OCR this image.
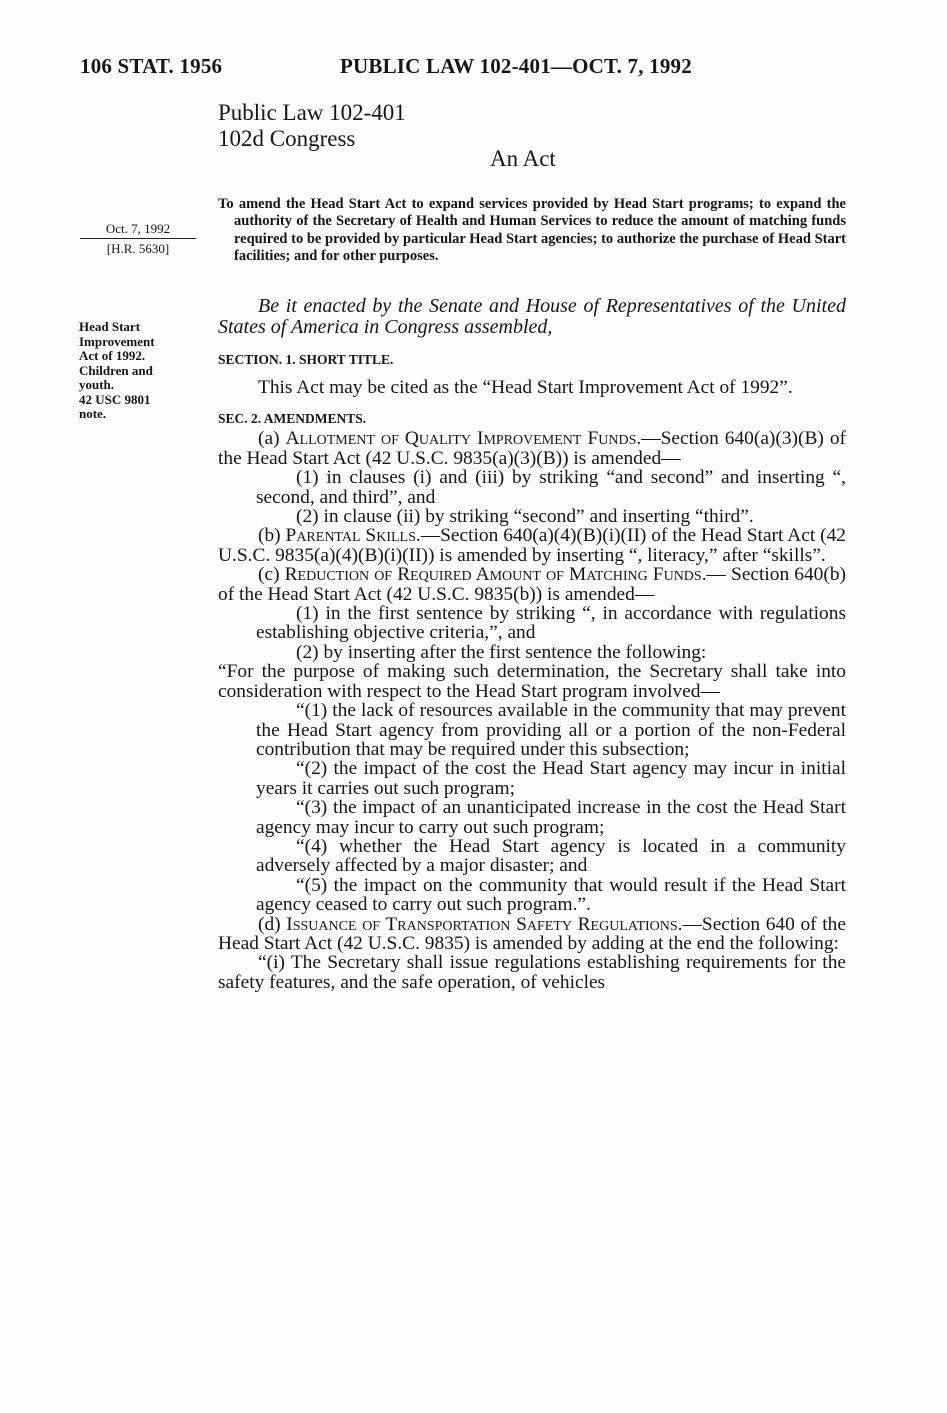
106 STAT. 1956	PUBLIC LAW 102-401—OCT. 7, 1992
Public Law 102-401
102d Congress
An Act
Oct. 7, 1992
[H.R. 5630]
Head Start
Improvement
Act of 1992.
Children and
youth.
42 USC 9801
note.
To amend the Head Start Act to expand services provided by Head Start programs; to expand the authority of the Secretary of Health and Human Services to reduce the amount of matching funds required to be provided by particular Head Start agencies; to authorize the purchase of Head Start facilities; and for other purposes.

Be it enacted by the Senate and House of Representatives of the United States of America in Congress assembled,

SECTION. 1. SHORT TITLE.

This Act may be cited as the “Head Start Improvement Act of 1992”.

SEC. 2. AMENDMENTS.

(a) Allotment of Quality Improvement Funds.—Section 640(a)(3)(B) of the Head Start Act (42 U.S.C. 9835(a)(3)(B)) is amended—

(1) in clauses (i) and (iii) by striking “and second” and inserting “, second, and third”, and

(2) in clause (ii) by striking “second” and inserting “third”.

(b) Parental Skills.—Section 640(a)(4)(B)(i)(II) of the Head Start Act (42 U.S.C. 9835(a)(4)(B)(i)(II)) is amended by inserting “, literacy,” after “skills”.

(c) Reduction of Required Amount of Matching Funds.— Section 640(b) of the Head Start Act (42 U.S.C. 9835(b)) is amended—

(1) in the first sentence by striking “, in accordance with regulations establishing objective criteria,”, and

(2) by inserting after the first sentence the following:

“For the purpose of making such determination, the Secretary shall take into consideration with respect to the Head Start program involved—

“(1) the lack of resources available in the community that may prevent the Head Start agency from providing all or a portion of the non-Federal contribution that may be required under this subsection;

“(2) the impact of the cost the Head Start agency may incur in initial years it carries out such program;

“(3) the impact of an unanticipated increase in the cost the Head Start agency may incur to carry out such program;

“(4) whether the Head Start agency is located in a community adversely affected by a major disaster; and

“(5) the impact on the community that would result if the Head Start agency ceased to carry out such program.”.

(d) Issuance of Transportation Safety Regulations.—Section 640 of the Head Start Act (42 U.S.C. 9835) is amended by adding at the end the following:

“(i) The Secretary shall issue regulations establishing requirements for the safety features, and the safe operation, of vehicles
